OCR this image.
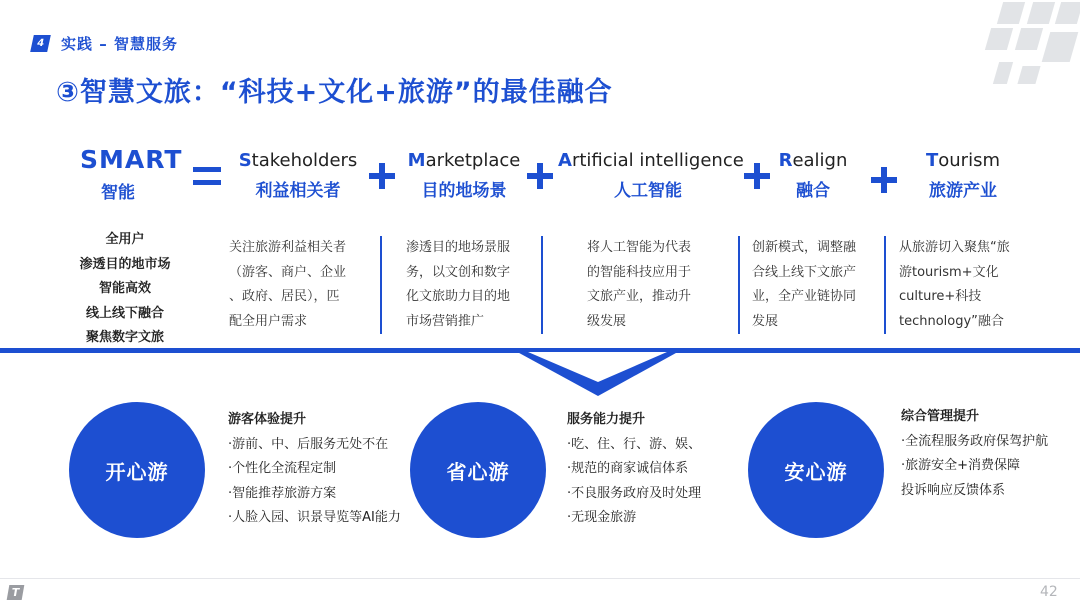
4	实践 – 智慧服务
③智慧文旅：“科技+文化+旅游”的最佳融合
SMART
智能
Stakeholders
利益相关者
Marketplace
目的地场景
Artificial intelligence
人工智能
Realign
融合
Tourism
旅游产业
全用户
渗透目的地市场
智能高效
线上线下融合
聚焦数字文旅
关注旅游利益相关者
（游客、商户、企业
、政府、居民），匹
配全用户需求
渗透目的地场景服
务，以文创和数字
化文旅助力目的地
市场营销推广
将人工智能为代表
的智能科技应用于
文旅产业，推动升
级发展
创新模式，调整融
合线上线下文旅产
业，全产业链协同
发展
从旅游切入聚焦“旅
游tourism+文化
culture+科技
technology”融合
开心游
游客体验提升
·游前、中、后服务无处不在
·个性化全流程定制
·智能推荐旅游方案
·人脸入园、识景导览等AI能力
省心游
服务能力提升
·吃、住、行、游、娱、
·规范的商家诚信体系
·不良服务政府及时处理
·无现金旅游
安心游
综合管理提升
·全流程服务政府保驾护航
·旅游安全+消费保障
投诉响应反馈体系
T	42
